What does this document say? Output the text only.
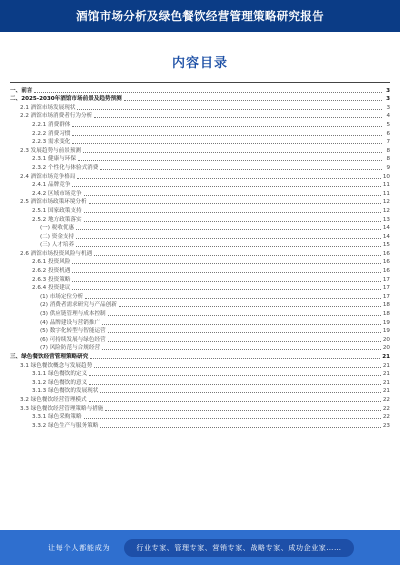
酒馆市场分析及绿色餐饮经营管理策略研究报告
内容目录
一、前言	3
二、2025-2030年酒馆市场前景及趋势预测	3
2.1 酒馆市场发展现状	3
2.2 酒馆市场消费者行为分析	4
2.2.1 消费群体	5
2.2.2 消费习惯	6
2.2.3 需求变化	7
2.3 发展趋势与前景预测	8
2.3.1 健康与环保	8
2.3.2 个性化与体验式消费	9
2.4 酒馆市场竞争格局	10
2.4.1 品牌竞争	11
2.4.2 区域市场竞争	11
2.5 酒馆市场政策环境分析	12
2.5.1 国家政策支持	12
2.5.2 地方政策落实	13
(一) 税收优惠	14
(二) 资金支持	14
(三) 人才培养	15
2.6 酒馆市场投资风险与机遇	16
2.6.1 投资风险	16
2.6.2 投资机遇	16
2.6.3 投资策略	17
2.6.4 投资建议	17
(1) 市场定位分析	17
(2) 消费者需求研究与产品创新	18
(3) 供应链管理与成本控制	18
(4) 品牌建设与营销推广	19
(5) 数字化转型与智能运营	19
(6) 可持续发展与绿色经营	20
(7) 风险防范与合规经营	20
三、绿色餐饮经营管理策略研究	21
3.1 绿色餐饮概念与发展趋势	21
3.1.1 绿色餐饮的定义	21
3.1.2 绿色餐饮的意义	21
3.1.3 绿色餐饮的发展现状	21
3.2 绿色餐饮经营管理模式	22
3.3 绿色餐饮经营管理策略与措施	22
3.3.1 绿色采购策略	22
3.3.2 绿色生产与服务策略	23
让每个人都能成为	行业专家、管理专家、营销专家、战略专家、成功企业家……
